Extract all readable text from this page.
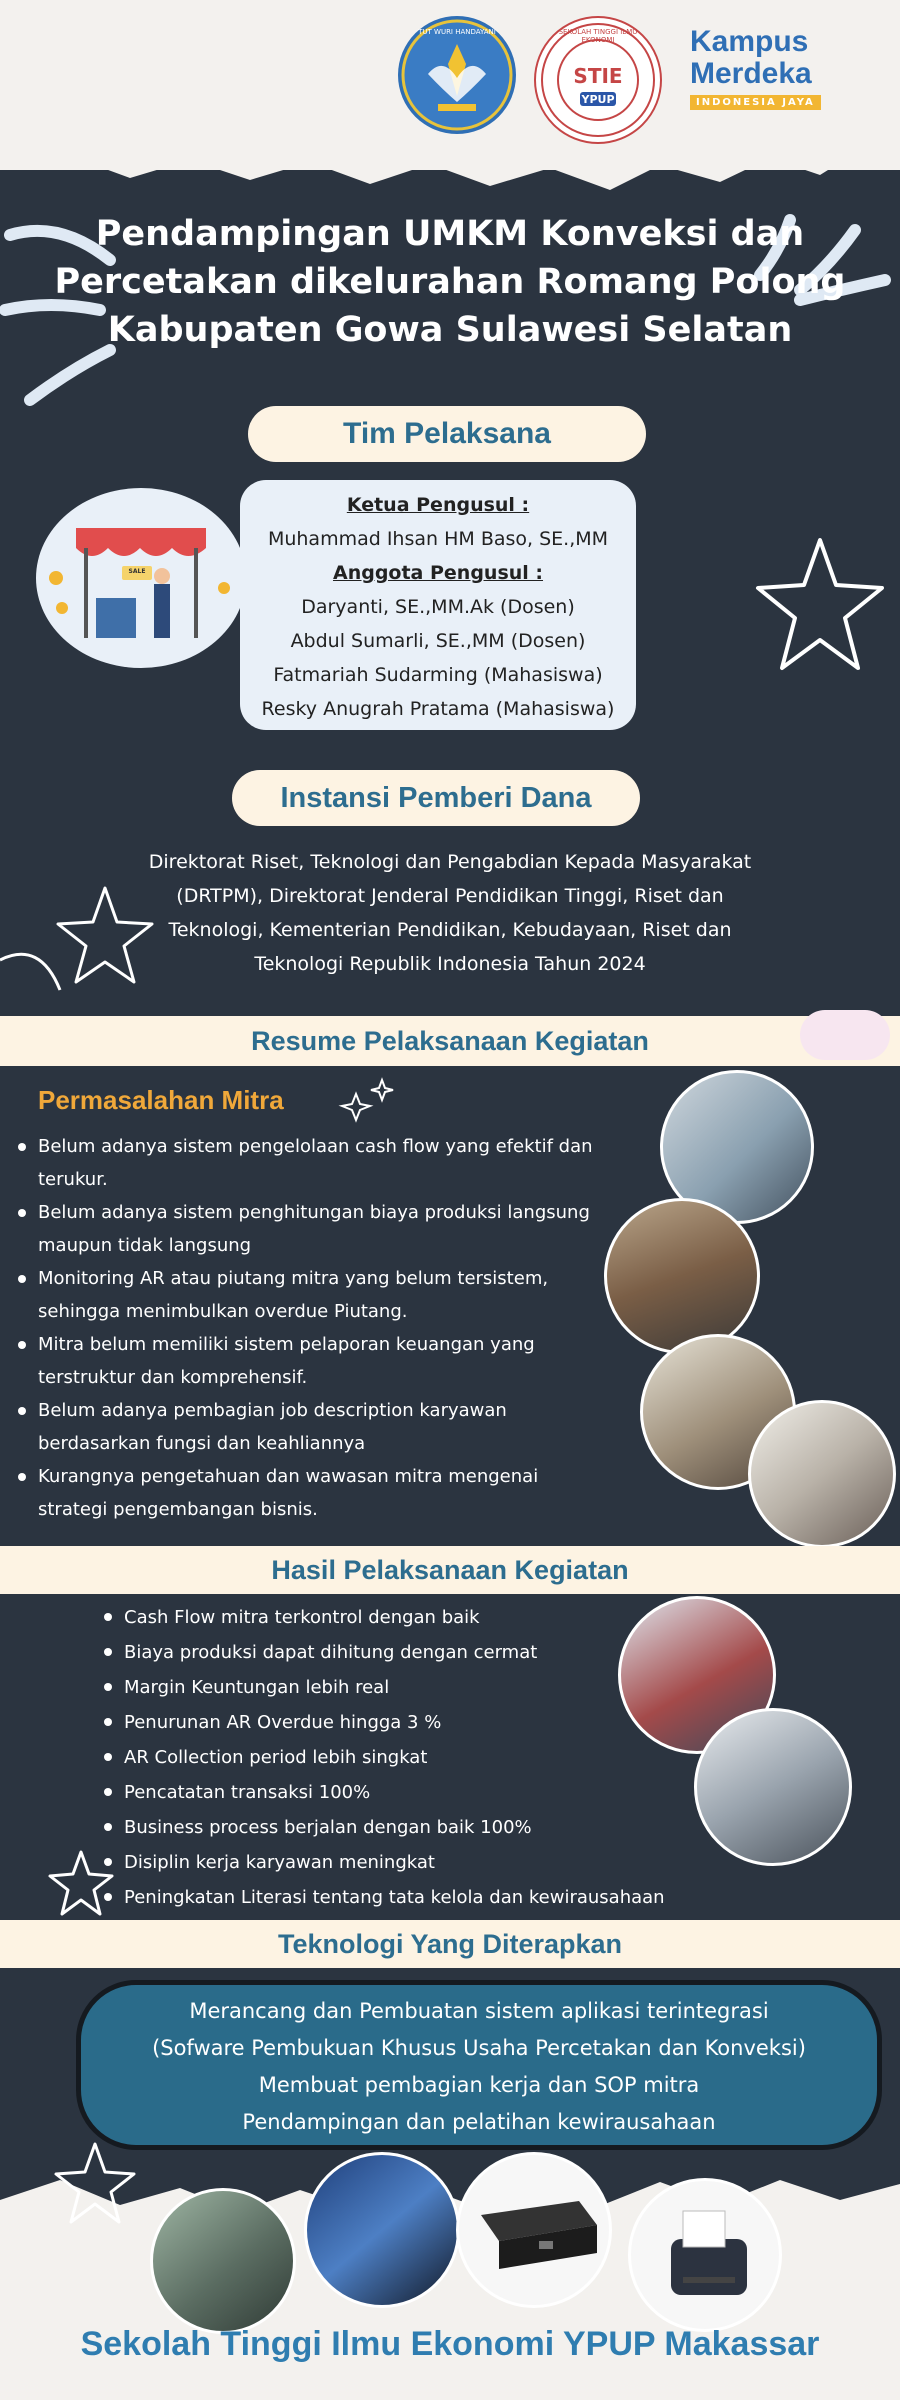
TUT WURI HANDAYANI	SEKOLAH TINGGI ILMU EKONOMI
STIE
YPUP
Kampus
Merdeka
INDONESIA JAYA
Pendampingan UMKM Konveksi dan
Percetakan dikelurahan Romang Polong
Kabupaten Gowa Sulawesi Selatan
Tim Pelaksana
SALE
Ketua Pengusul :
Muhammad Ihsan HM Baso, SE.,MM
Anggota Pengusul :
Daryanti, SE.,MM.Ak (Dosen)
Abdul Sumarli, SE.,MM (Dosen)
Fatmariah Sudarming (Mahasiswa)
Resky Anugrah Pratama (Mahasiswa)
Instansi Pemberi Dana
Direktorat Riset, Teknologi dan Pengabdian Kepada Masyarakat
(DRTPM), Direktorat Jenderal Pendidikan Tinggi, Riset dan
Teknologi, Kementerian Pendidikan, Kebudayaan, Riset dan
Teknologi Republik Indonesia Tahun 2024
Resume Pelaksanaan Kegiatan
Permasalahan Mitra
Belum adanya sistem pengelolaan cash flow yang efektif dan
terukur.
Belum adanya sistem penghitungan biaya produksi langsung
maupun tidak langsung
Monitoring AR atau piutang mitra yang belum tersistem,
sehingga menimbulkan overdue Piutang.
Mitra belum memiliki sistem pelaporan keuangan yang
terstruktur dan komprehensif.
Belum adanya pembagian job description karyawan
berdasarkan fungsi dan keahliannya
Kurangnya pengetahuan dan wawasan mitra mengenai
strategi pengembangan bisnis.
Hasil Pelaksanaan Kegiatan
Cash Flow mitra terkontrol dengan baik
Biaya produksi dapat dihitung dengan cermat
Margin Keuntungan lebih real
Penurunan AR Overdue hingga 3 %
AR Collection period lebih singkat
Pencatatan transaksi 100%
Business process berjalan dengan baik 100%
Disiplin kerja karyawan meningkat
Peningkatan Literasi tentang tata kelola dan kewirausahaan
Teknologi Yang Diterapkan
Merancang dan Pembuatan sistem aplikasi terintegrasi
(Sofware Pembukuan Khusus Usaha Percetakan dan Konveksi)
Membuat pembagian kerja dan SOP mitra
Pendampingan dan pelatihan kewirausahaan
Sekolah Tinggi Ilmu Ekonomi YPUP Makassar
